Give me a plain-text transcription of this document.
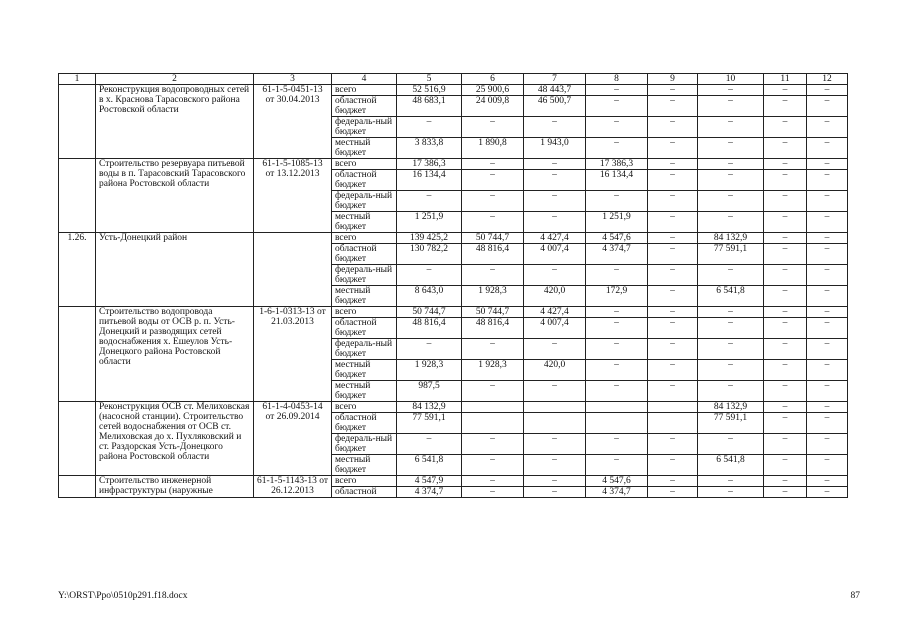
1	2	3	4	5	6	7	8	9	10	11	12
	Реконструкция водопроводных сетей в х. Краснова Тарасовского района Ростовской области	61-1-5-0451-13 от 30.04.2013	всего	52 516,9	25 900,6	48 443,7	–	–	–	–	–
			областной бюджет	48 683,1	24 009,8	46 500,7	–	–	–	–	–
			федераль-ный бюджет	–	–	–	–	–	–	–	–
			местный бюджет	3 833,8	1 890,8	1 943,0	–	–	–	–	–
	Строительство резервуара питьевой воды в п. Тарасовский Тарасовского района Ростовской области	61-1-5-1085-13 от 13.12.2013	всего	17 386,3	–	–	17 386,3	–	–	–	–
			областной бюджет	16 134,4	–	–	16 134,4	–	–	–	–
			федераль-ный бюджет	–	–	–	–	–	–	–	–
			местный бюджет	1 251,9	–	–	1 251,9	–	–	–	–
1.26.	Усть-Донецкий район		всего	139 425,2	50 744,7	4 427,4	4 547,6	–	84 132,9	–	–
			областной бюджет	130 782,2	48 816,4	4 007,4	4 374,7	–	77 591,1	–	–
			федераль-ный бюджет	–	–	–	–	–	–	–	–
			местный бюджет	8 643,0	1 928,3	420,0	172,9	–	6 541,8	–	–
	Строительство водопровода питьевой воды от ОСВ р. п. Усть-Донецкий и разводящих сетей водоснабжения х. Ешеулов Усть-Донецкого района Ростовской области	1-6-1-0313-13 от 21.03.2013	всего	50 744,7	50 744,7	4 427,4	–	–	–	–	–
			областной бюджет	48 816,4	48 816,4	4 007,4	–	–	–	–	–
			федераль-ный бюджет	–	–	–	–	–	–	–	–
			местный бюджет	1 928,3	1 928,3	420,0	–	–	–	–	–
			местный бюджет	987,5	–	–	–	–	–	–	–
	Реконструкция ОСВ ст. Мелиховская (насосной станции). Строительство сетей водоснабжения от ОСВ ст. Мелиховская до х. Пухляковский и ст. Раздорская Усть-Донецкого района Ростовской области	61-1-4-0453-14 от 26.09.2014	всего	84 132,9					84 132,9	–	–
			областной бюджет	77 591,1					77 591,1	–	–
			федераль-ный бюджет	–	–	–	–	–	–	–	–
			местный бюджет	6 541,8	–	–	–	–	6 541,8	–	–
	Строительство инженерной инфраструктуры (наружные	61-1-5-1143-13 от 26.12.2013	всего	4 547,9	–	–	4 547,6	–	–	–	–
			областной	4 374,7	–	–	4 374,7	–	–	–	–
Y:\ORST\Ppo\0510p291.f18.docx	87
